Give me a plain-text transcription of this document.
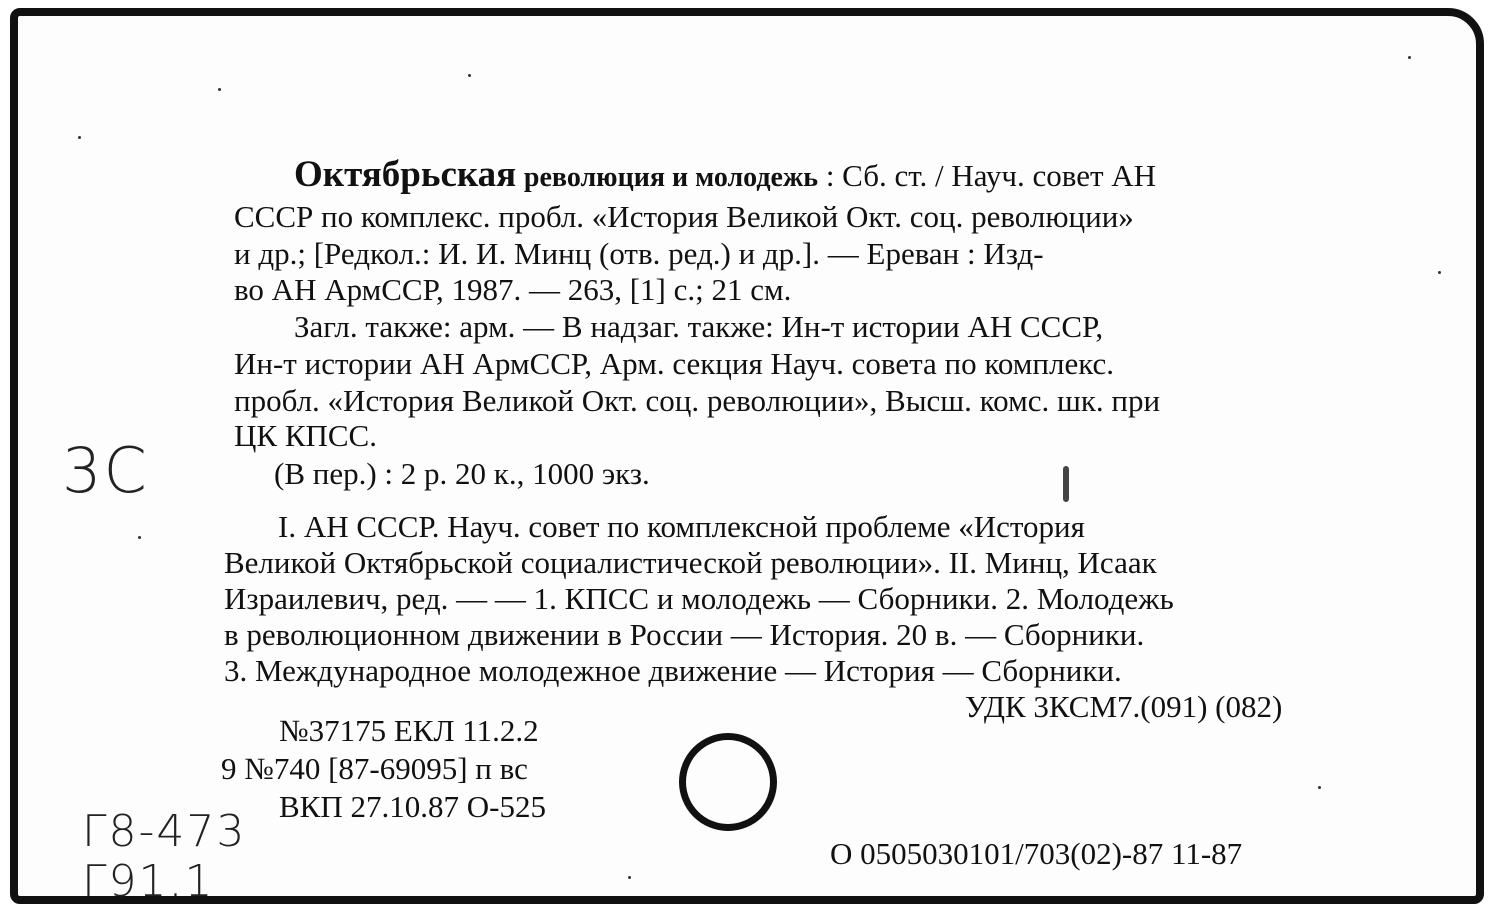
Октябрьская революция и молодежь : Сб. ст. / Науч. совет АН
СССР по комплекс. пробл. «История Великой Окт. соц. революции»
и др.; [Редкол.: И. И. Минц (отв. ред.) и др.]. — Ереван : Изд-
во АН АрмССР, 1987. — 263, [1] с.; 21 см.
Загл. также: арм. — В надзаг. также: Ин-т истории АН СССР,
Ин-т истории АН АрмССР, Арм. секция Науч. совета по комплекс.
пробл. «История Великой Окт. соц. революции», Высш. комс. шк. при
ЦК КПСС.
(В пер.) : 2 р. 20 к., 1000 экз.
I. АН СССР. Науч. совет по комплексной проблеме «История
Великой Октябрьской социалистической революции». II. Минц, Исаак
Израилевич, ред. — — 1. КПСС и молодежь — Сборники. 2. Молодежь
в революционном движении в России — История. 20 в. — Сборники.
3. Международное молодежное движение — История — Сборники.
УДК 3КСМ7.(091) (082)
№37175 ЕКЛ 11.2.2
9 №740 [87-69095] п вс
ВКП 27.10.87 О-525
О 0505030101/703(02)-87 11-87
3С
Г8-473
Г91.1
